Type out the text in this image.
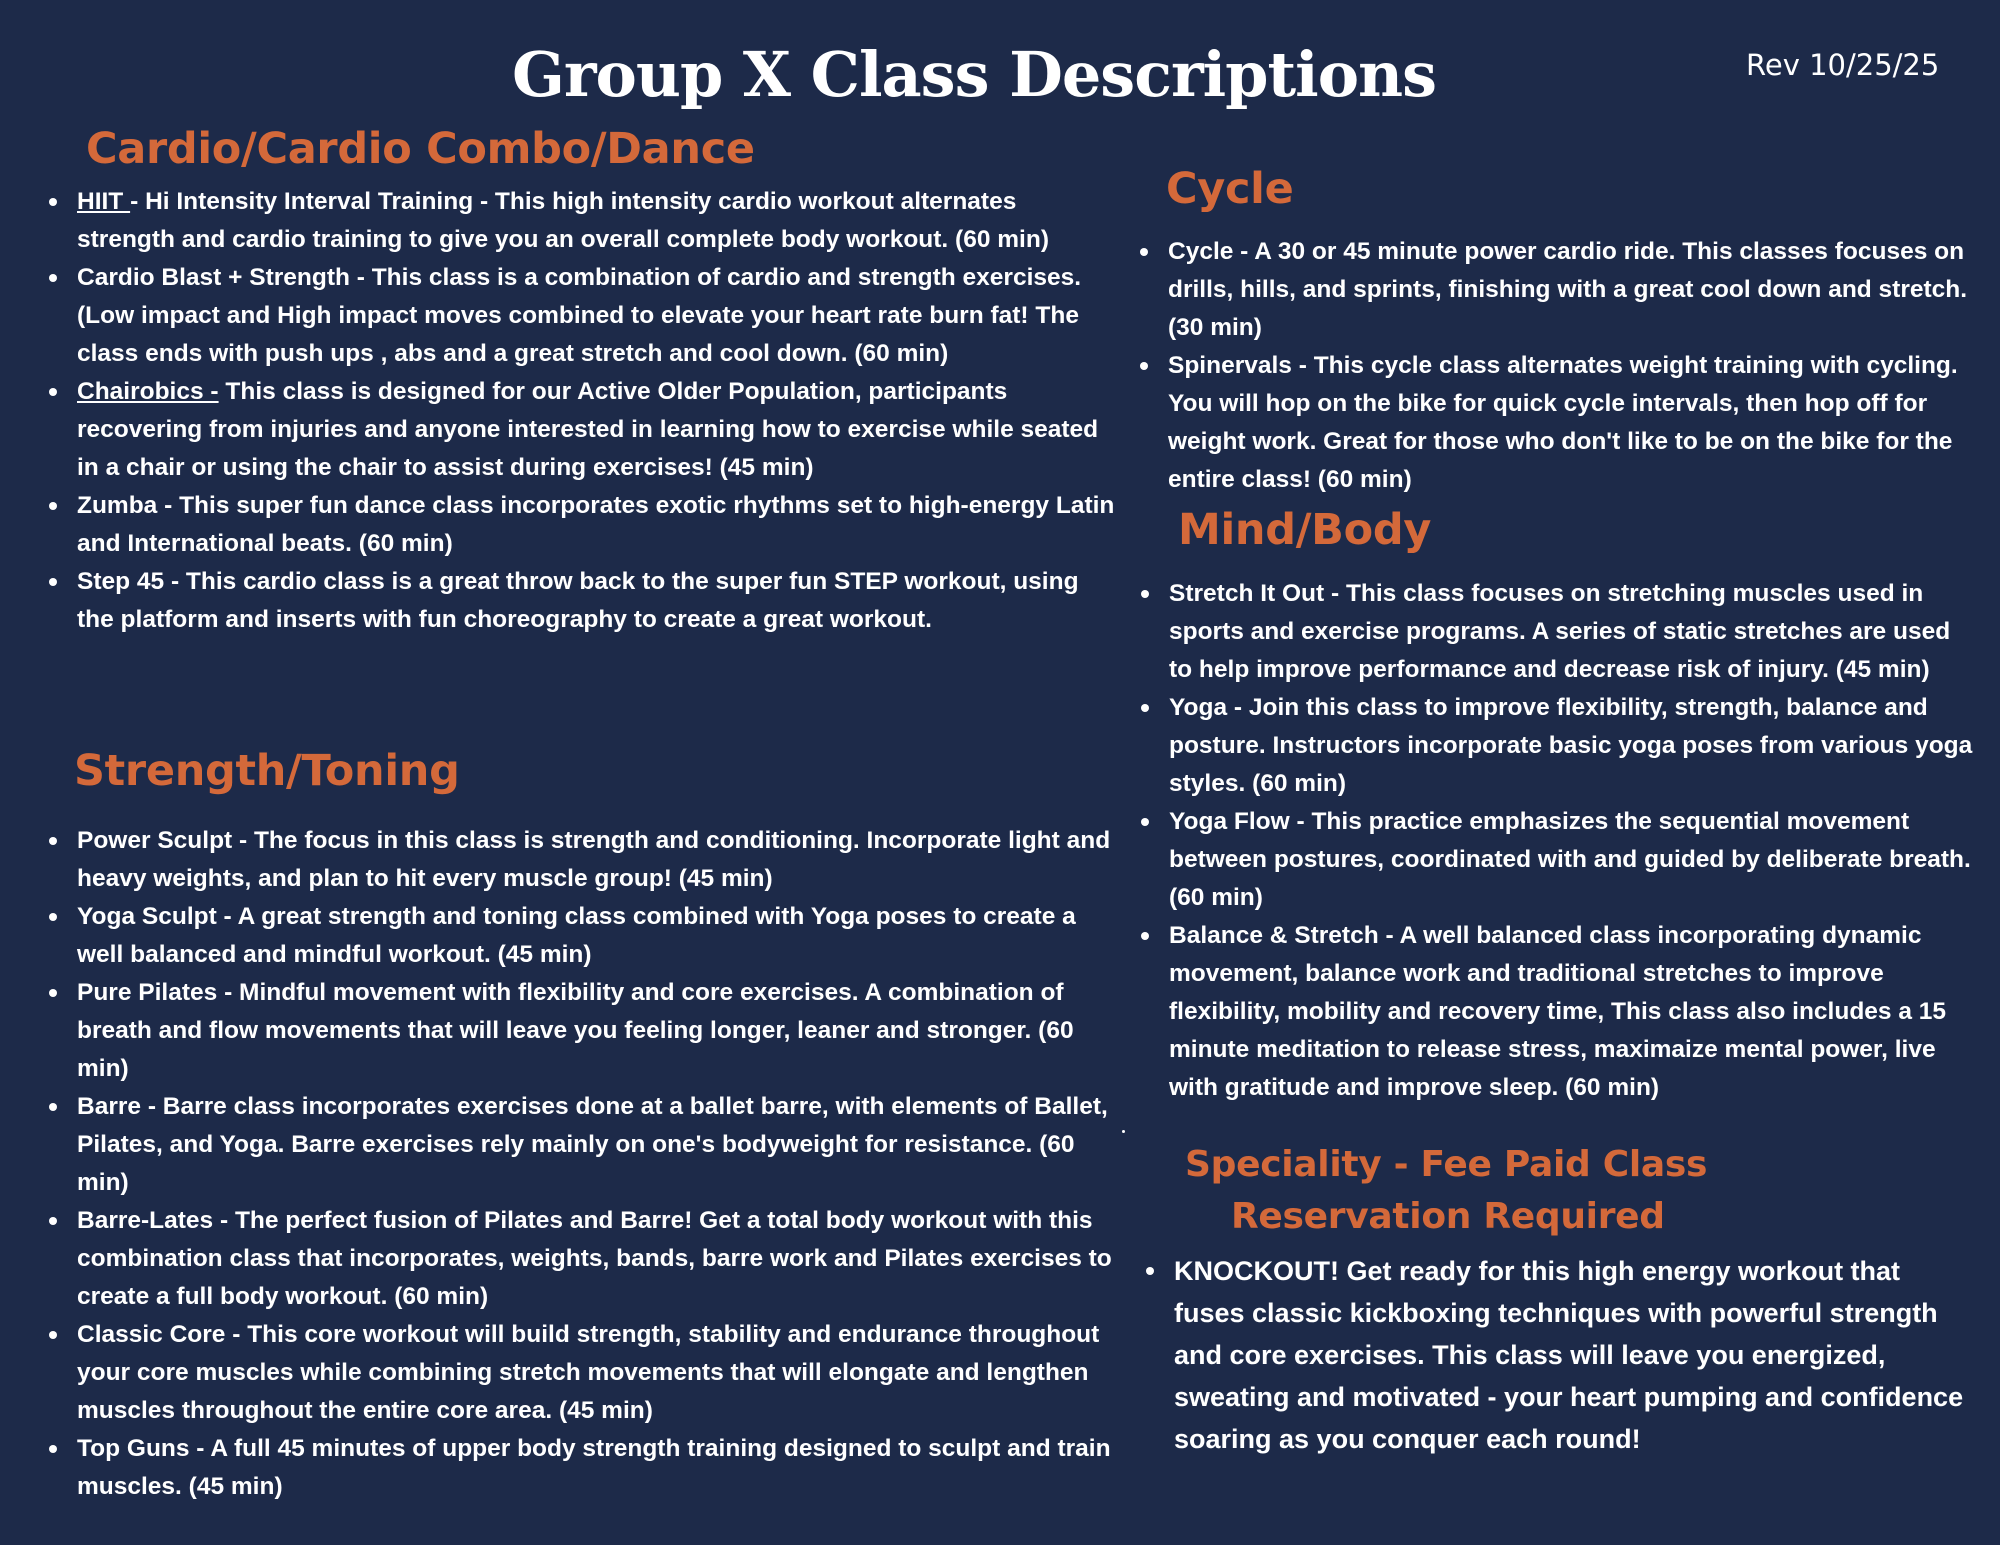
Group X Class Descriptions	Rev 10/25/25
Cardio/Cardio Combo/Dance
HIIT - Hi Intensity Interval Training - This high intensity cardio workout alternates strength and cardio training to give you an overall complete body workout. (60 min)
Cardio Blast + Strength - This class is a combination of cardio and strength exercises. (Low impact and High impact moves combined to elevate your heart rate burn fat! The class ends with push ups , abs and a great stretch and cool down. (60 min)
Chairobics - This class is designed for our Active Older Population, participants recovering from injuries and anyone interested in learning how to exercise while seated in a chair or using the chair to assist during exercises! (45 min)
Zumba - This super fun dance class incorporates exotic rhythms set to high-energy Latin and International beats. (60 min)
Step 45 - This cardio class is a great throw back to the super fun STEP workout, using the platform and inserts with fun choreography to create a great workout.
Strength/Toning
Power Sculpt - The focus in this class is strength and conditioning. Incorporate light and heavy weights, and plan to hit every muscle group! (45 min)
Yoga Sculpt - A great strength and toning class combined with Yoga poses to create a well balanced and mindful workout. (45 min)
Pure Pilates - Mindful movement with flexibility and core exercises. A combination of breath and flow movements that will leave you feeling longer, leaner and stronger. (60 min)
Barre - Barre class incorporates exercises done at a ballet barre, with elements of Ballet, Pilates, and Yoga. Barre exercises rely mainly on one's bodyweight for resistance. (60 min)
Barre-Lates - The perfect fusion of Pilates and Barre! Get a total body workout with this combination class that incorporates, weights, bands, barre work and Pilates exercises to create a full body workout. (60 min)
Classic Core - This core workout will build strength, stability and endurance throughout your core muscles while combining stretch movements that will elongate and lengthen muscles throughout the entire core area. (45 min)
Top Guns - A full 45 minutes of upper body strength training designed to sculpt and train muscles. (45 min)
Cycle
Cycle - A 30 or 45 minute power cardio ride. This classes focuses on drills, hills, and sprints, finishing with a great cool down and stretch. (30 min)
Spinervals - This cycle class alternates weight training with cycling. You will hop on the bike for quick cycle intervals, then hop off for weight work. Great for those who don't like to be on the bike for the entire class! (60 min)
Mind/Body
Stretch It Out - This class focuses on stretching muscles used in sports and exercise programs. A series of static stretches are used to help improve performance and decrease risk of injury. (45 min)
Yoga - Join this class to improve flexibility, strength, balance and posture. Instructors incorporate basic yoga poses from various yoga styles. (60 min)
Yoga Flow - This practice emphasizes the sequential movement between postures, coordinated with and guided by deliberate breath. (60 min)
Balance & Stretch - A well balanced class incorporating dynamic movement, balance work and traditional stretches to improve flexibility, mobility and recovery time, This class also includes a 15 minute meditation to release stress, maximaize mental power, live with gratitude and improve sleep. (60 min)
Speciality - Fee Paid Class
Reservation Required
KNOCKOUT! Get ready for this high energy workout that fuses classic kickboxing techniques with powerful strength and core exercises. This class will leave you energized, sweating and motivated - your heart pumping and confidence soaring as you conquer each round!
